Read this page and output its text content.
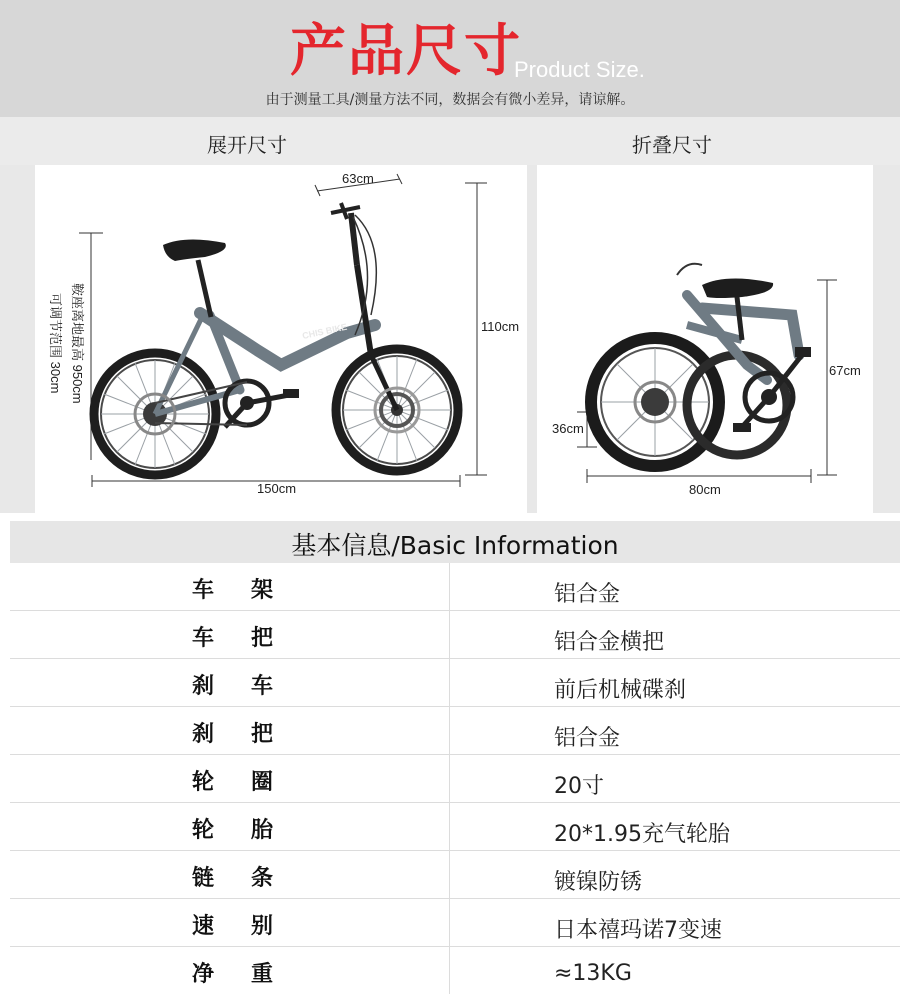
产品尺寸
Product Size.
由于测量工具/测量方法不同，数据会有微小差异，请谅解。
展开尺寸	折叠尺寸
63cm
110cm
150cm
鞍座离地最高 950cm
可调节范围 30cm	CHIS BIKE
67cm
80cm
36cm
基本信息/Basic Information
车架	铝合金
车把	铝合金横把
刹车	前后机械碟刹
刹把	铝合金
轮圈	20寸
轮胎	20*1.95充气轮胎
链条	镀镍防锈
速别	日本禧玛诺7变速
净重	≈13KG
